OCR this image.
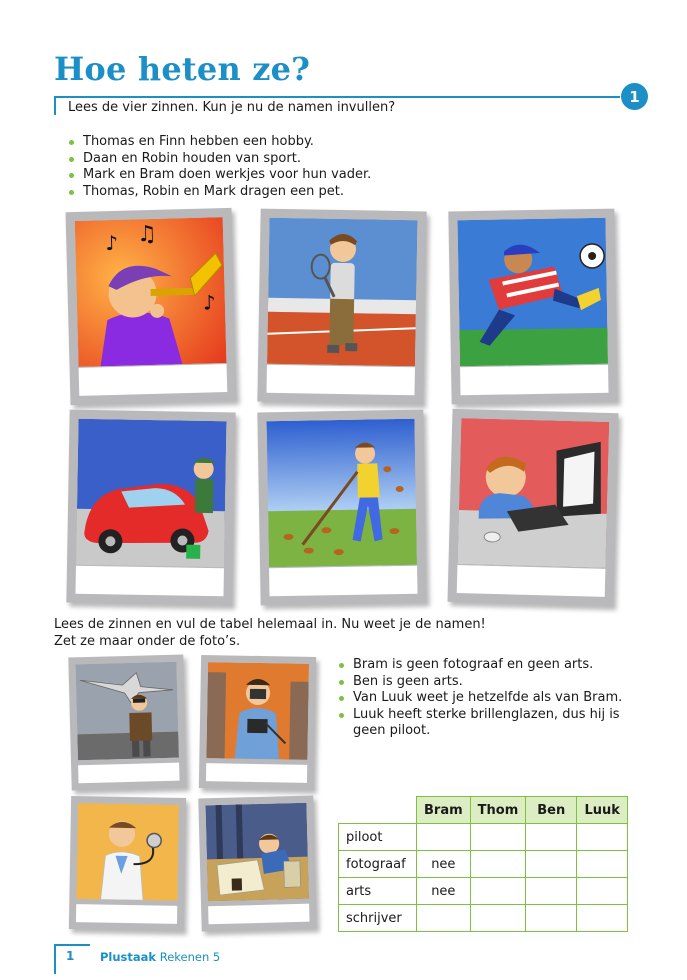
Hoe heten ze?
1
Lees de vier zinnen. Kun je nu de namen invullen?
Thomas en Finn hebben een hobby.
Daan en Robin houden van sport.
Mark en Bram doen werkjes voor hun vader.
Thomas, Robin en Mark dragen een pet.
♪ ♫
♪
Lees de zinnen en vul de tabel helemaal in. Nu weet je de namen!
Zet ze maar onder de foto’s.
Bram is geen fotograaf en geen arts.
Ben is geen arts.
Van Luuk weet je hetzelfde als van Bram.
Luuk heeft sterke brillenglazen, dus hij is geen piloot.
	Bram	Thom	Ben	Luuk
piloot				
fotograaf	nee			
arts	nee			
schrijver				
1 Plustaak Rekenen 5
